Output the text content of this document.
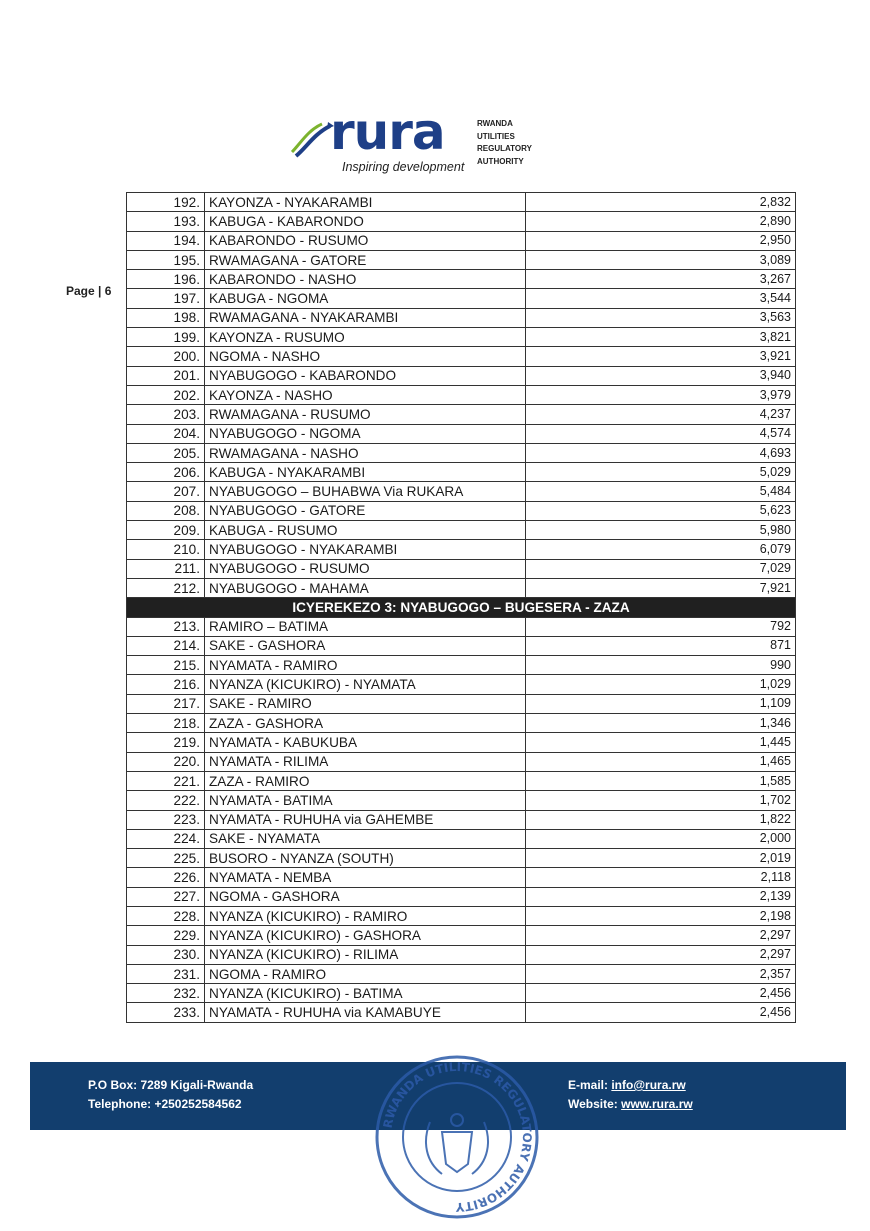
rura
Inspiring development
RWANDA
UTILITIES
REGULATORY
AUTHORITY
Page | 6
192.	KAYONZA - NYAKARAMBI	2,832
193.	KABUGA - KABARONDO	2,890
194.	KABARONDO - RUSUMO	2,950
195.	RWAMAGANA - GATORE	3,089
196.	KABARONDO - NASHO	3,267
197.	KABUGA - NGOMA	3,544
198.	RWAMAGANA - NYAKARAMBI	3,563
199.	KAYONZA - RUSUMO	3,821
200.	NGOMA - NASHO	3,921
201.	NYABUGOGO - KABARONDO	3,940
202.	KAYONZA - NASHO	3,979
203.	RWAMAGANA - RUSUMO	4,237
204.	NYABUGOGO - NGOMA	4,574
205.	RWAMAGANA - NASHO	4,693
206.	KABUGA - NYAKARAMBI	5,029
207.	NYABUGOGO – BUHABWA Via RUKARA	5,484
208.	NYABUGOGO - GATORE	5,623
209.	KABUGA - RUSUMO	5,980
210.	NYABUGOGO - NYAKARAMBI	6,079
211.	NYABUGOGO - RUSUMO	7,029
212.	NYABUGOGO - MAHAMA	7,921
ICYEREKEZO 3: NYABUGOGO – BUGESERA - ZAZA		
213.	RAMIRO – BATIMA	792
214.	SAKE - GASHORA	871
215.	NYAMATA - RAMIRO	990
216.	NYANZA (KICUKIRO) - NYAMATA	1,029
217.	SAKE - RAMIRO	1,109
218.	ZAZA - GASHORA	1,346
219.	NYAMATA - KABUKUBA	1,445
220.	NYAMATA - RILIMA	1,465
221.	ZAZA - RAMIRO	1,585
222.	NYAMATA - BATIMA	1,702
223.	NYAMATA - RUHUHA via GAHEMBE	1,822
224.	SAKE - NYAMATA	2,000
225.	BUSORO - NYANZA (SOUTH)	2,019
226.	NYAMATA - NEMBA	2,118
227.	NGOMA - GASHORA	2,139
228.	NYANZA (KICUKIRO) - RAMIRO	2,198
229.	NYANZA (KICUKIRO) - GASHORA	2,297
230.	NYANZA (KICUKIRO) - RILIMA	2,297
231.	NGOMA - RAMIRO	2,357
232.	NYANZA (KICUKIRO) - BATIMA	2,456
233.	NYAMATA - RUHUHA via KAMABUYE	2,456
P.O Box: 7289 Kigali-Rwanda
Telephone: +250252584562
E-mail: info@rura.rw
Website: www.rura.rw
RWANDA UTILITIES REGULATORY AUTHORITY
